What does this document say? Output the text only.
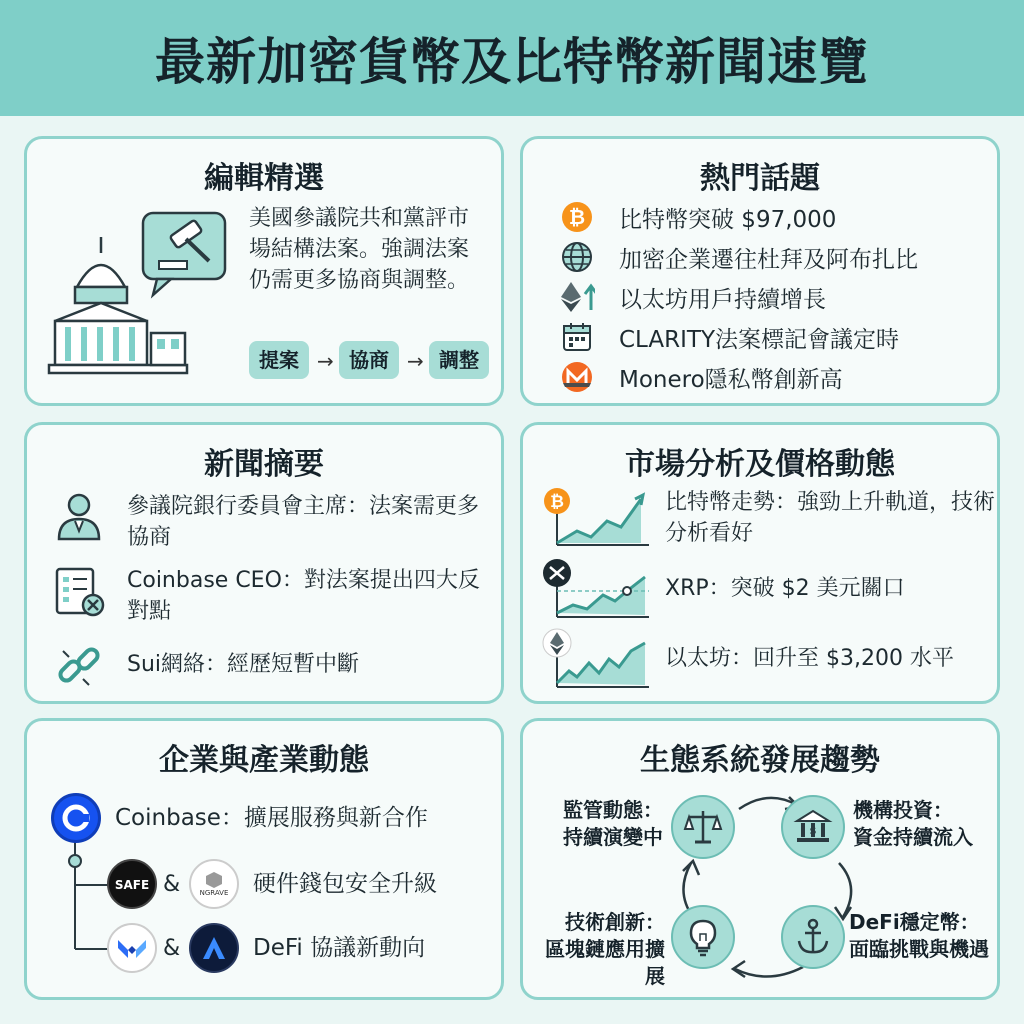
最新加密貨幣及比特幣新聞速覽
編輯精選
美國參議院共和黨評市場結構法案。強調法案仍需更多協商與調整。
提案 → 協商 → 調整
熱門話題
₿ 比特幣突破 $97,000
加密企業遷往杜拜及阿布扎比
以太坊用戶持續增長
CLARITY法案標記會議定時
Monero隱私幣創新高
新聞摘要
參議院銀行委員會主席：法案需更多協商
Coinbase CEO：對法案提出四大反對點
Sui網絡：經歷短暫中斷
市場分析及價格動態
₿	比特幣走勢：強勁上升軌道，技術分析看好
XRP：突破 $2 美元關口
以太坊：回升至 $3,200 水平
企業與產業動態
Coinbase：擴展服務與新合作
SAFE &	NGRAVE 硬件錢包安全升級
&	DeFi 協議新動向
生態系統發展趨勢
$
監管動態：
持續演變中
機構投資：
資金持續流入
DeFi穩定幣：
面臨挑戰與機遇
技術創新：
區塊鏈應用擴展
